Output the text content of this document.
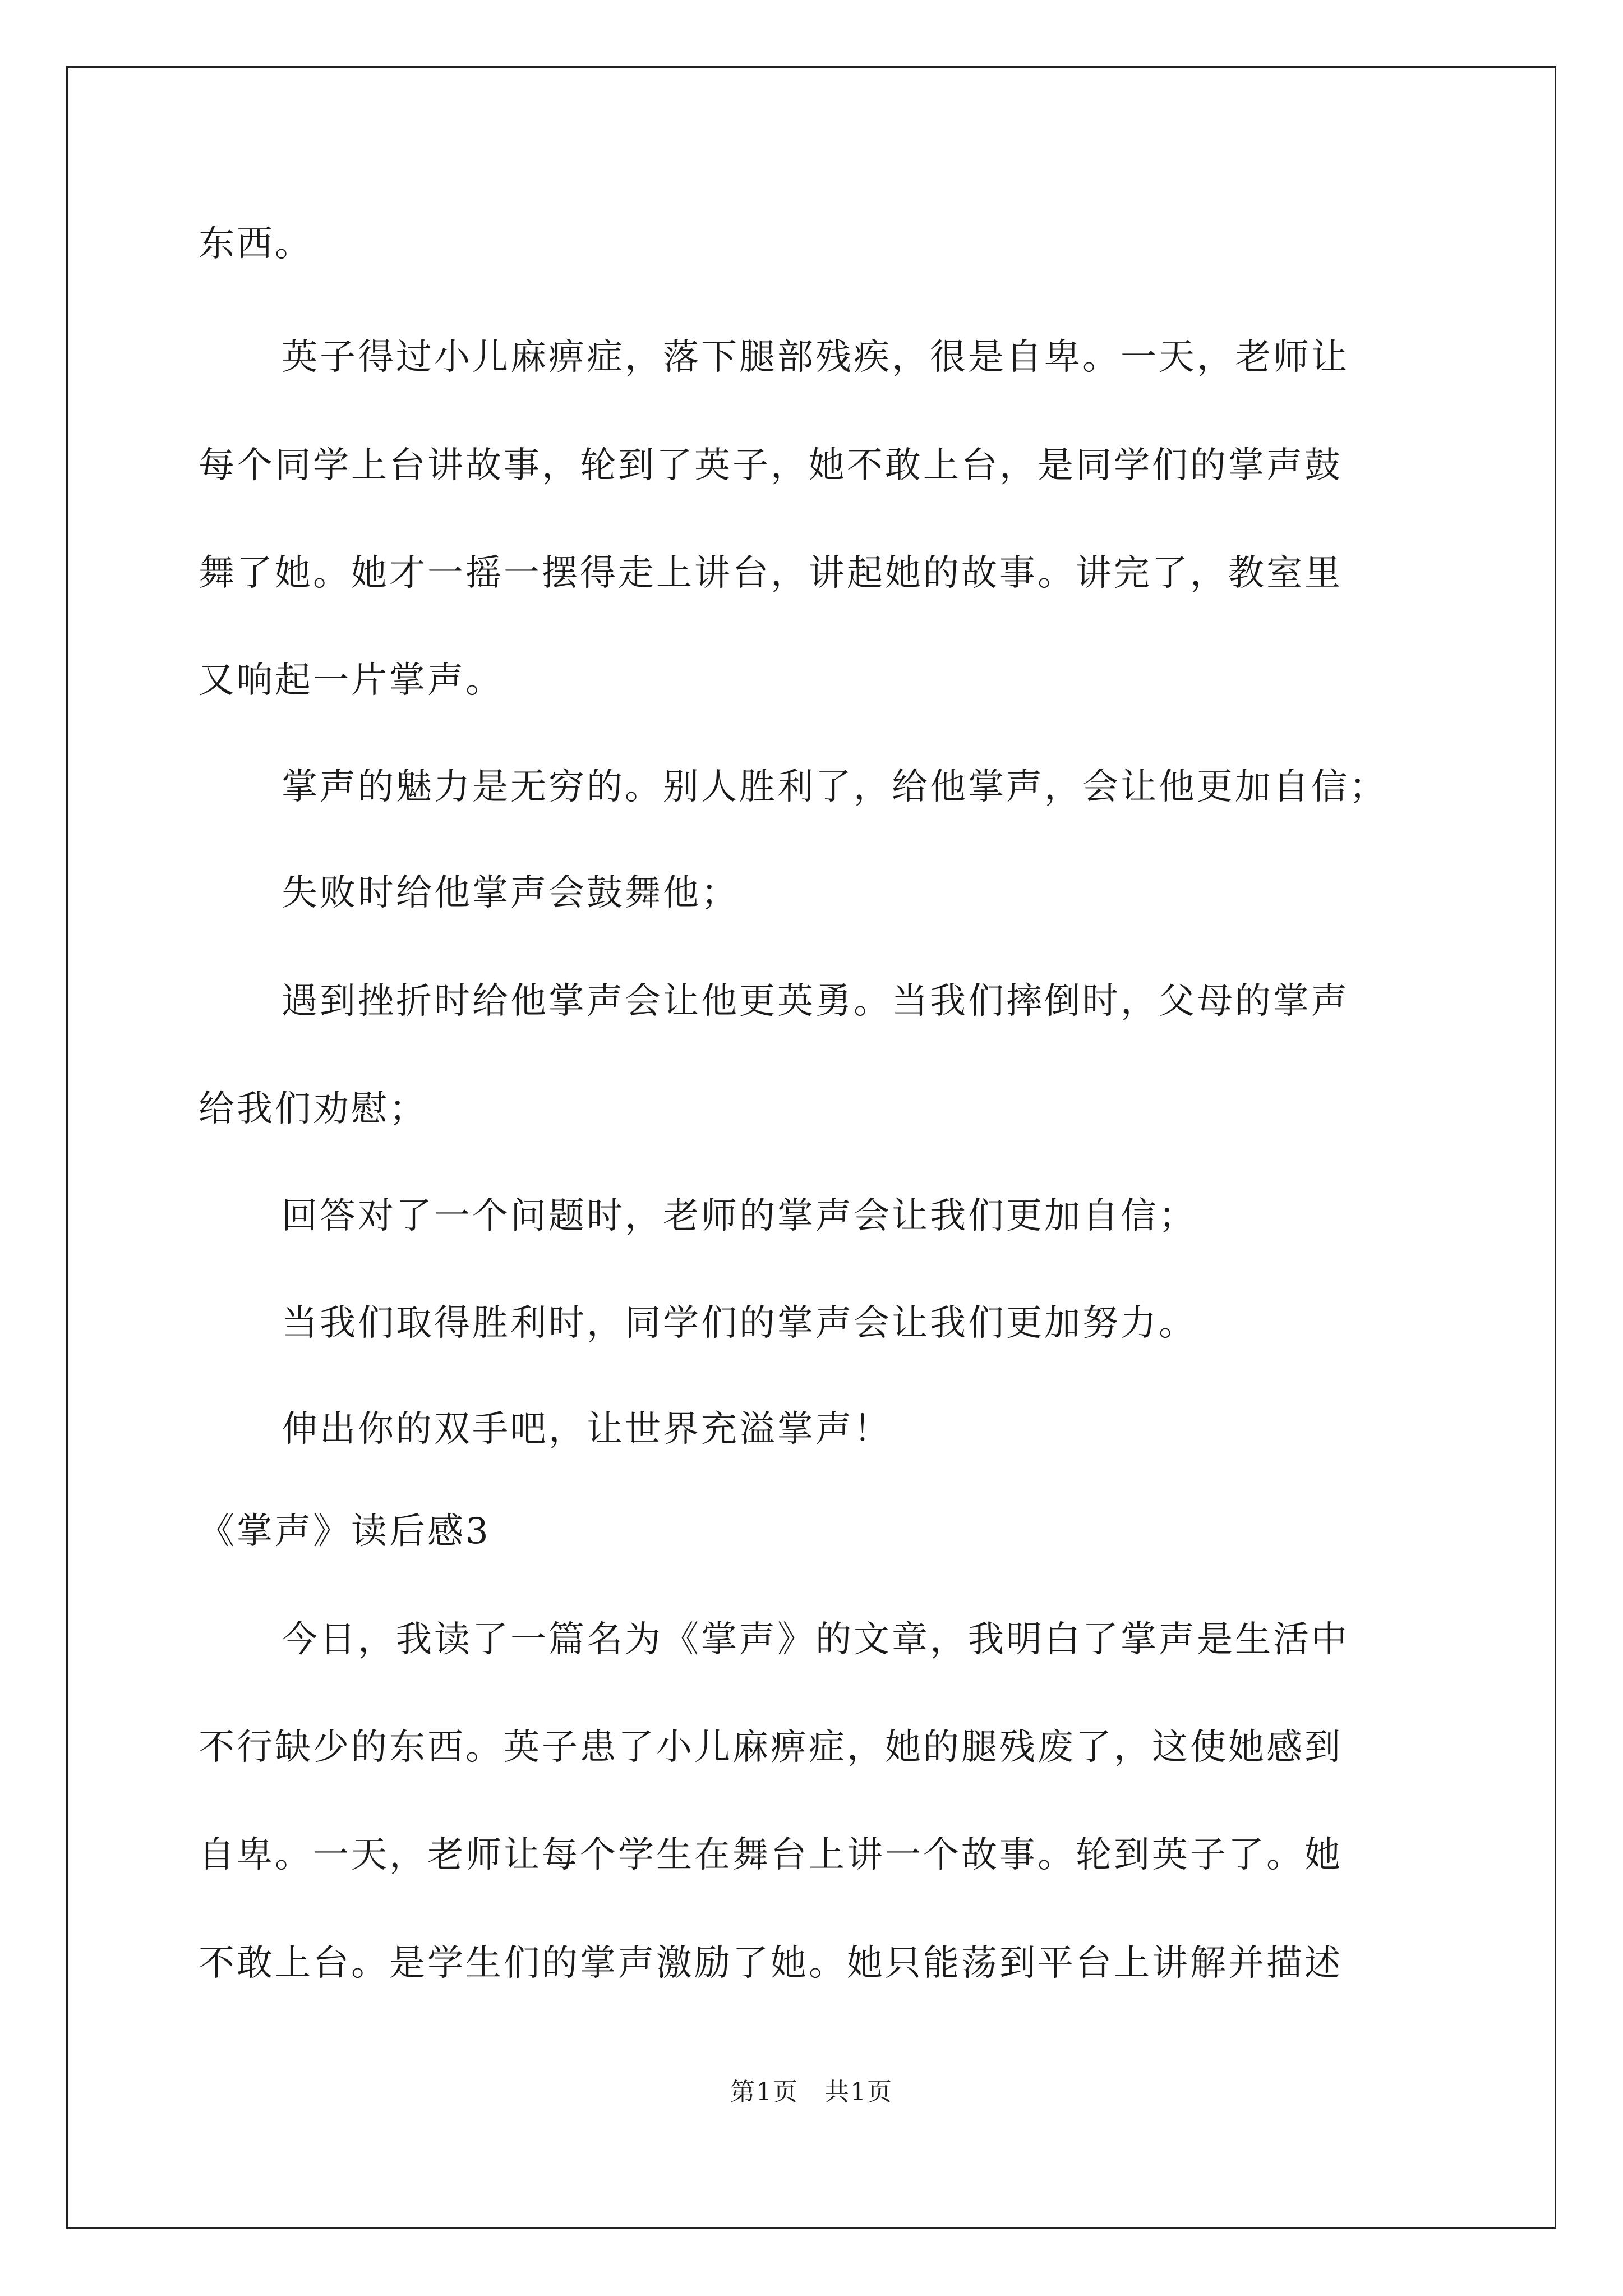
东西。
英子得过小儿麻痹症，落下腿部残疾，很是自卑。一天，老师让
每个同学上台讲故事，轮到了英子，她不敢上台，是同学们的掌声鼓
舞了她。她才一摇一摆得走上讲台，讲起她的故事。讲完了，教室里
又响起一片掌声。
掌声的魅力是无穷的。别人胜利了，给他掌声，会让他更加自信；
失败时给他掌声会鼓舞他；
遇到挫折时给他掌声会让他更英勇。当我们摔倒时，父母的掌声
给我们劝慰；
回答对了一个问题时，老师的掌声会让我们更加自信；
当我们取得胜利时，同学们的掌声会让我们更加努力。
伸出你的双手吧，让世界充溢掌声！
《掌声》读后感3
今日，我读了一篇名为《掌声》的文章，我明白了掌声是生活中
不行缺少的东西。英子患了小儿麻痹症，她的腿残废了，这使她感到
自卑。一天，老师让每个学生在舞台上讲一个故事。轮到英子了。她
不敢上台。是学生们的掌声激励了她。她只能荡到平台上讲解并描述
第1页　共1页
